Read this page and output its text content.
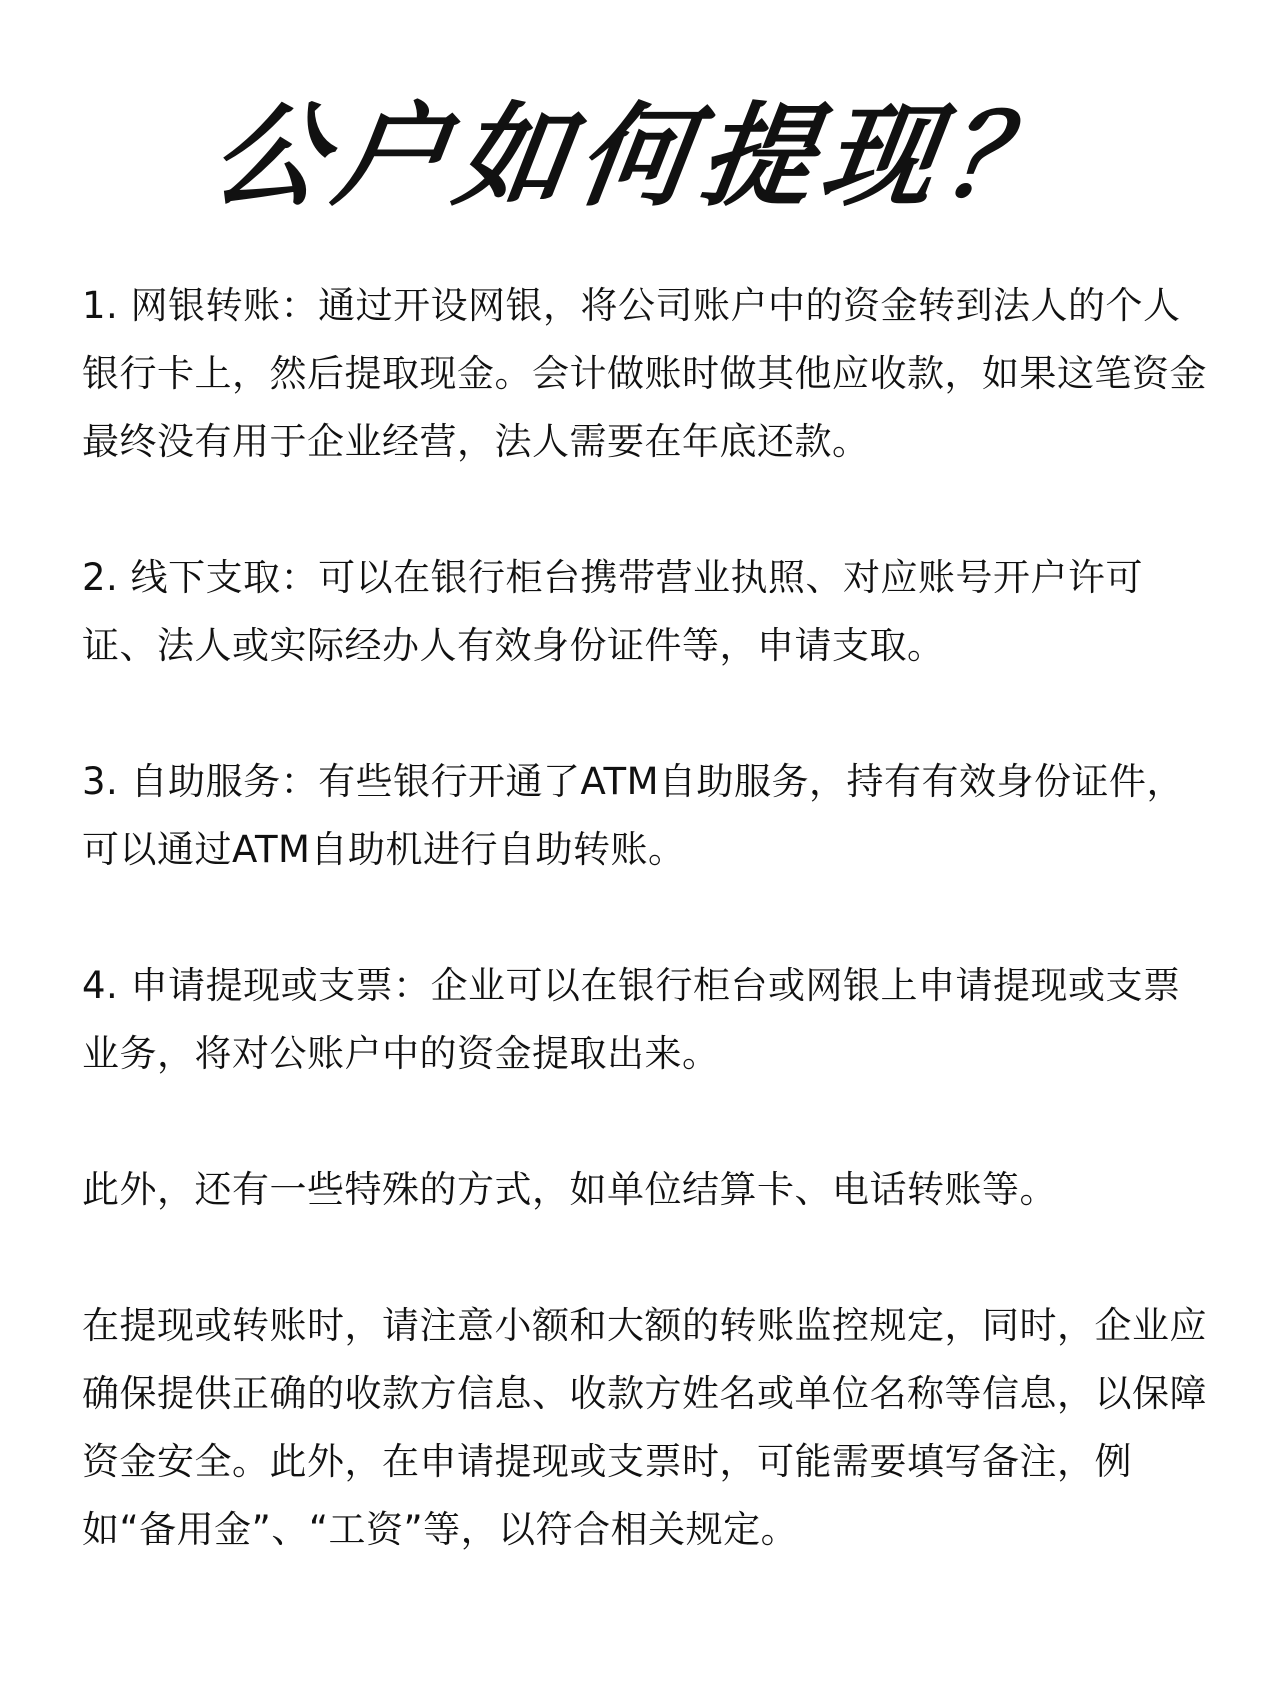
公户如何提现？

1. 网银转账：通过开设网银，将公司账户中的资金转到法人的个人银行卡上，然后提取现金。会计做账时做其他应收款，如果这笔资金最终没有用于企业经营，法人需要在年底还款。

2. 线下支取：可以在银行柜台携带营业执照、对应账号开户许可证、法人或实际经办人有效身份证件等，申请支取。

3. 自助服务：有些银行开通了ATM自助服务，持有有效身份证件，可以通过ATM自助机进行自助转账。

4. 申请提现或支票：企业可以在银行柜台或网银上申请提现或支票业务，将对公账户中的资金提取出来。

此外，还有一些特殊的方式，如单位结算卡、电话转账等。

在提现或转账时，请注意小额和大额的转账监控规定，同时，企业应确保提供正确的收款方信息、收款方姓名或单位名称等信息，以保障资金安全。此外，在申请提现或支票时，可能需要填写备注，例如“备用金”、“工资”等，以符合相关规定。
